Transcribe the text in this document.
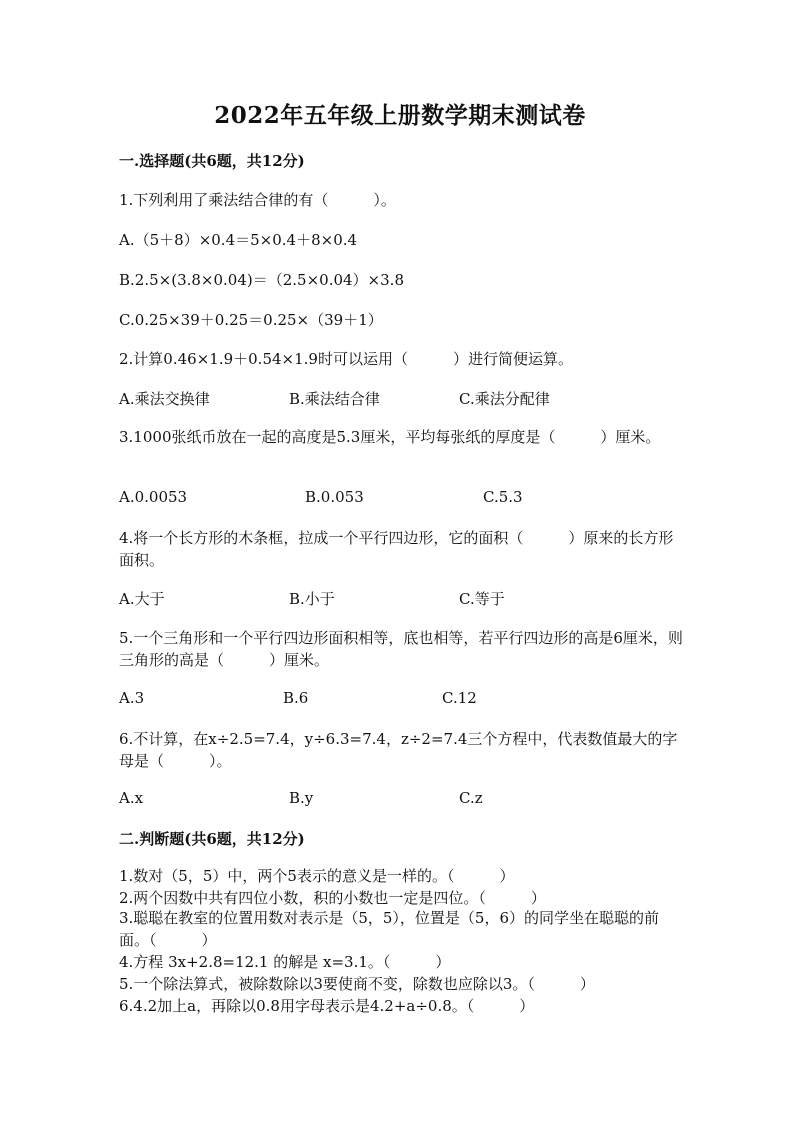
2022年五年级上册数学期末测试卷
一.选择题(共6题，共12分)
1.下列利用了乘法结合律的有（　　　）。
A.（5＋8）×0.4＝5×0.4＋8×0.4
B.2.5×(3.8×0.04)＝（2.5×0.04）×3.8
C.0.25×39＋0.25＝0.25×（39＋1）
2.计算0.46×1.9＋0.54×1.9时可以运用（　　　）进行简便运算。
A.乘法交换律	B.乘法结合律	C.乘法分配律
3.1000张纸币放在一起的高度是5.3厘米，平均每张纸的厚度是（　　　）厘米。
A.0.0053	B.0.053	C.5.3
4.将一个长方形的木条框，拉成一个平行四边形，它的面积（　　　）原来的长方形面积。
A.大于	B.小于	C.等于
5.一个三角形和一个平行四边形面积相等，底也相等，若平行四边形的高是6厘米，则三角形的高是（　　　）厘米。
A.3	B.6	C.12
6.不计算，在x÷2.5=7.4，y÷6.3=7.4，z÷2=7.4三个方程中，代表数值最大的字母是（　　　）。
A.x	B.y	C.z
二.判断题(共6题，共12分)
1.数对（5，5）中，两个5表示的意义是一样的。（　　　）
2.两个因数中共有四位小数，积的小数也一定是四位。（　　　）
3.聪聪在教室的位置用数对表示是（5，5），位置是（5，6）的同学坐在聪聪的前面。（　　　）
4.方程 3x+2.8=12.1 的解是 x=3.1。（　　　）
5.一个除法算式，被除数除以3要使商不变，除数也应除以3。（　　　）
6.4.2加上a，再除以0.8用字母表示是4.2+a÷0.8。（　　　）
